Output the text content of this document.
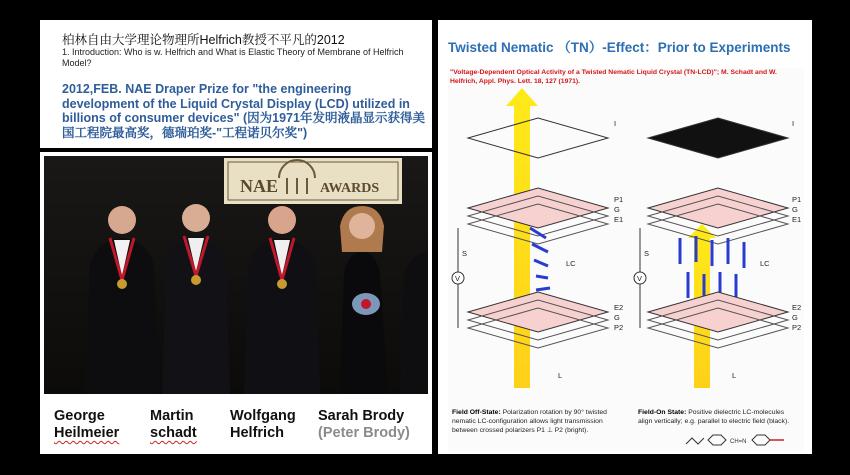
柏林自由大学理论物理所Helfrich教授不平凡的2012
1. Introduction: Who is w. Helfrich and What is Elastic Theory of Membrane of Helfrich Model?
2012,FEB. NAE Draper Prize for "the engineering development of the Liquid Crystal Display (LCD) utilized in billions of consumer devices" (因为1971年发明液晶显示获得美国工程院最高奖，德瑞珀奖-"工程诺贝尔奖")
NAE	AWARDS
George
Heilmeier
Martin
schadt
Wolfgang
Helfrich
Sarah Brody
(Peter Brody)
Twisted Nematic （TN）-Effect：Prior to Experiments
"Voltage-Dependent Optical Activity of a Twisted Nematic Liquid Crystal (TN-LCD)"; M. Schadt and W. Helfrich, Appl. Phys. Lett. 18, 127 (1971).
I
P1
G
E1
S
V
LC
E2
G
P2
L
I
P1
G
E1
S
V
LC
E2
G
P2
L
Field Off-State: Polarization rotation by 90° twisted nematic LC-configuration allows light transmission between crossed polarizers P1 ⊥ P2 (bright).
Field-On State: Positive dielectric LC-molecules align vertically; e.g. parallel to electric field (black).
CH=N
